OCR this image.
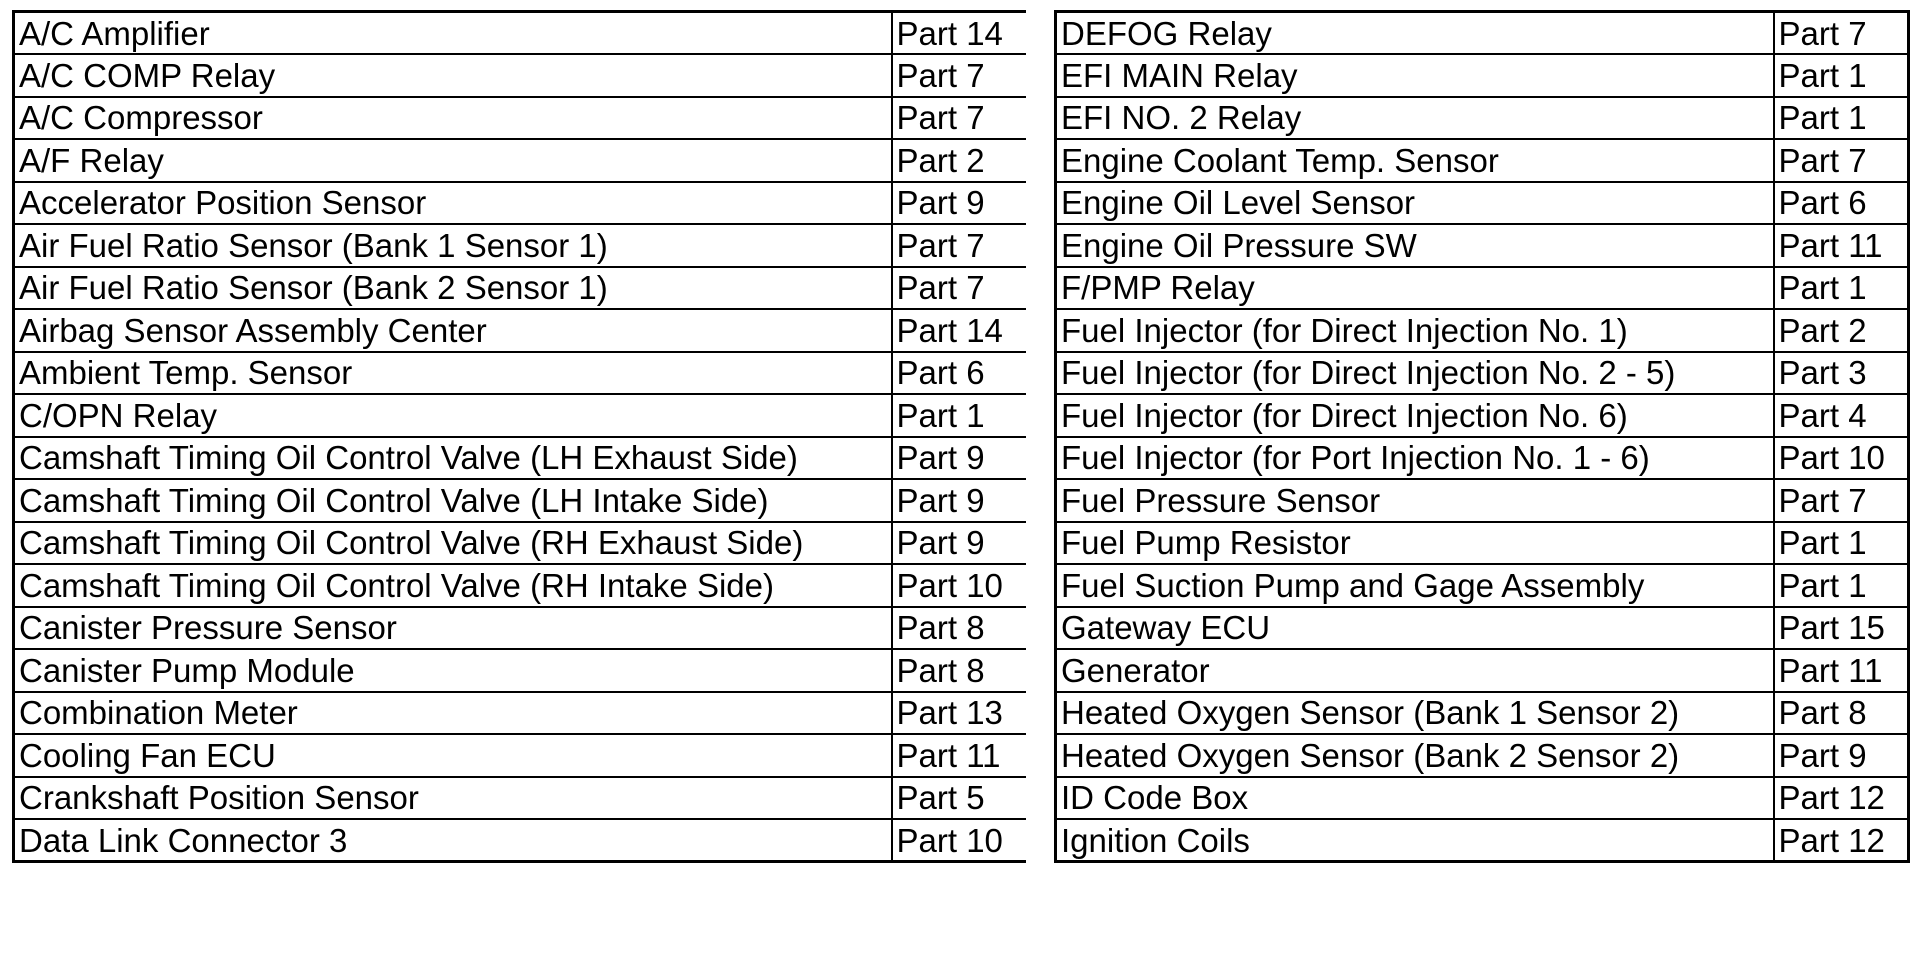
A/C Amplifier	Part 14
A/C COMP Relay	Part 7
A/C Compressor	Part 7
A/F Relay	Part 2
Accelerator Position Sensor	Part 9
Air Fuel Ratio Sensor (Bank 1 Sensor 1)	Part 7
Air Fuel Ratio Sensor (Bank 2 Sensor 1)	Part 7
Airbag Sensor Assembly Center	Part 14
Ambient Temp. Sensor	Part 6
C/OPN Relay	Part 1
Camshaft Timing Oil Control Valve (LH Exhaust Side)	Part 9
Camshaft Timing Oil Control Valve (LH Intake Side)	Part 9
Camshaft Timing Oil Control Valve (RH Exhaust Side)	Part 9
Camshaft Timing Oil Control Valve (RH Intake Side)	Part 10
Canister Pressure Sensor	Part 8
Canister Pump Module	Part 8
Combination Meter	Part 13
Cooling Fan ECU	Part 11
Crankshaft Position Sensor	Part 5
Data Link Connector 3	Part 10
DEFOG Relay	Part 7
EFI MAIN Relay	Part 1
EFI NO. 2 Relay	Part 1
Engine Coolant Temp. Sensor	Part 7
Engine Oil Level Sensor	Part 6
Engine Oil Pressure SW	Part 11
F/PMP Relay	Part 1
Fuel Injector (for Direct Injection No. 1)	Part 2
Fuel Injector (for Direct Injection No. 2 - 5)	Part 3
Fuel Injector (for Direct Injection No. 6)	Part 4
Fuel Injector (for Port Injection No. 1 - 6)	Part 10
Fuel Pressure Sensor	Part 7
Fuel Pump Resistor	Part 1
Fuel Suction Pump and Gage Assembly	Part 1
Gateway ECU	Part 15
Generator	Part 11
Heated Oxygen Sensor (Bank 1 Sensor 2)	Part 8
Heated Oxygen Sensor (Bank 2 Sensor 2)	Part 9
ID Code Box	Part 12
Ignition Coils	Part 12
